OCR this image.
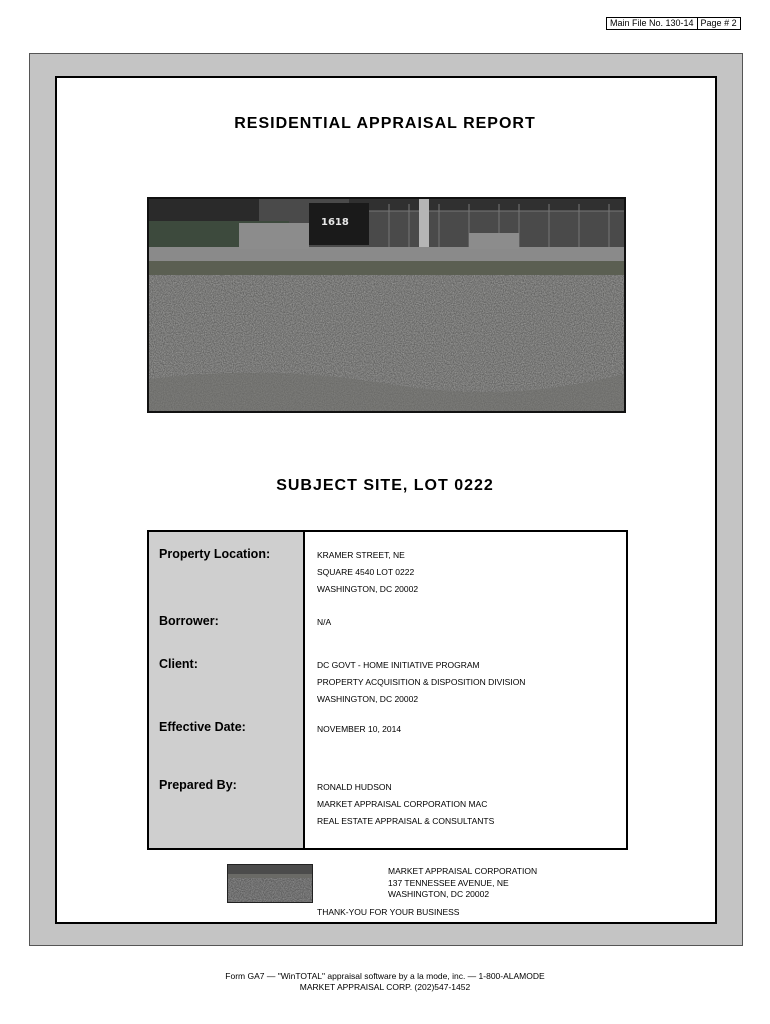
Main File No. 130-14 Page # 2
RESIDENTIAL APPRAISAL REPORT
1618
SUBJECT SITE, LOT 0222
Property Location:
Borrower:
Client:
Effective Date:
Prepared By:
KRAMER STREET, NE
SQUARE 4540 LOT 0222
WASHINGTON, DC 20002
N/A
DC GOVT - HOME INITIATIVE PROGRAM
PROPERTY ACQUISITION & DISPOSITION DIVISION
WASHINGTON, DC 20002
NOVEMBER 10, 2014
RONALD HUDSON
MARKET APPRAISAL CORPORATION MAC
REAL ESTATE APPRAISAL & CONSULTANTS
MARKET APPRAISAL CORPORATION
137 TENNESSEE AVENUE, NE
WASHINGTON, DC 20002
THANK-YOU FOR YOUR BUSINESS
Form GA7 — "WinTOTAL" appraisal software by a la mode, inc. — 1-800-ALAMODE
MARKET APPRAISAL CORP. (202)547-1452
